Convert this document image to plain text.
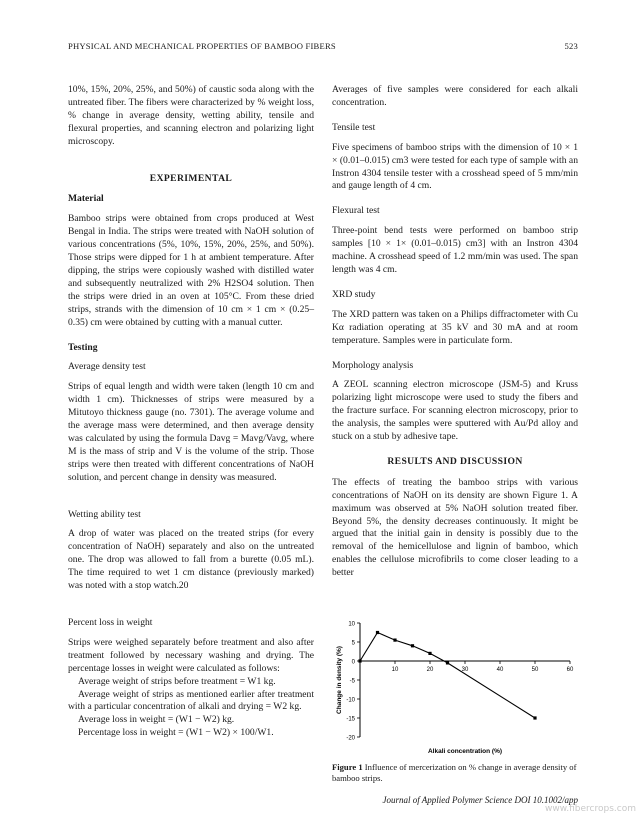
PHYSICAL AND MECHANICAL PROPERTIES OF BAMBOO FIBERS	523

10%, 15%, 20%, 25%, and 50%) of caustic soda along with the untreated fiber. The fibers were characterized by % weight loss, % change in average density, wetting ability, tensile and flexural properties, and scanning electron and polarizing light microscopy.

EXPERIMENTAL

Material

Bamboo strips were obtained from crops produced at West Bengal in India. The strips were treated with NaOH solution of various concentrations (5%, 10%, 15%, 20%, 25%, and 50%). Those strips were dipped for 1 h at ambient temperature. After dipping, the strips were copiously washed with distilled water and subsequently neutralized with 2% H2SO4 solution. Then the strips were dried in an oven at 105°C. From these dried strips, strands with the dimension of 10 cm × 1 cm × (0.25–0.35) cm were obtained by cutting with a manual cutter.

Testing

Average density test

Strips of equal length and width were taken (length 10 cm and width 1 cm). Thicknesses of strips were measured by a Mitutoyo thickness gauge (no. 7301). The average volume and the average mass were determined, and then average density was calculated by using the formula Davg = Mavg/Vavg, where M is the mass of strip and V is the volume of the strip. Those strips were then treated with different concentrations of NaOH solution, and percent change in density was measured.

Wetting ability test

A drop of water was placed on the treated strips (for every concentration of NaOH) separately and also on the untreated one. The drop was allowed to fall from a burette (0.05 mL). The time required to wet 1 cm distance (previously marked) was noted with a stop watch.20

Percent loss in weight

Strips were weighed separately before treatment and also after treatment followed by necessary washing and drying. The percentage losses in weight were calculated as follows:

Average weight of strips before treatment = W1 kg.

Average weight of strips as mentioned earlier after treatment with a particular concentration of alkali and drying = W2 kg.

Average loss in weight = (W1 − W2) kg.

Percentage loss in weight = (W1 − W2) × 100/W1.

Averages of five samples were considered for each alkali concentration.

Tensile test

Five specimens of bamboo strips with the dimension of 10 × 1 × (0.01–0.015) cm3 were tested for each type of sample with an Instron 4304 tensile tester with a crosshead speed of 5 mm/min and gauge length of 4 cm.

Flexural test

Three-point bend tests were performed on bamboo strip samples [10 × 1× (0.01–0.015) cm3] with an Instron 4304 machine. A crosshead speed of 1.2 mm/min was used. The span length was 4 cm.

XRD study

The XRD pattern was taken on a Philips diffractometer with Cu Kα radiation operating at 35 kV and 30 mA and at room temperature. Samples were in particulate form.

Morphology analysis

A ZEOL scanning electron microscope (JSM-5) and Kruss polarizing light microscope were used to study the fibers and the fracture surface. For scanning electron microscopy, prior to the analysis, the samples were sputtered with Au/Pd alloy and stuck on a stub by adhesive tape.

RESULTS AND DISCUSSION

The effects of treating the bamboo strips with various concentrations of NaOH on its density are shown Figure 1. A maximum was observed at 5% NaOH solution treated fiber. Beyond 5%, the density decreases continuously. It might be argued that the initial gain in density is possibly due to the removal of the hemicellulose and lignin of bamboo, which enables the cellulose microfibrils to come closer leading to a better

10
5
0
-5
-10
-15
-20
10	20	30	40	50	60
Alkali concentration (%)
Change in density (%)
Figure 1 Influence of mercerization on % change in average density of bamboo strips.
Journal of Applied Polymer Science DOI 10.1002/app
www.fibercrops.com
